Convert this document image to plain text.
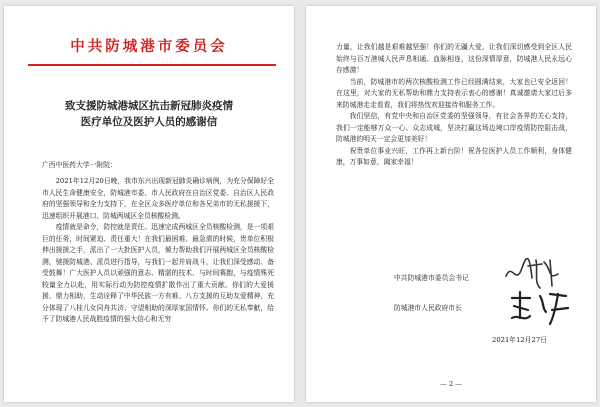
中共防城港市委员会
致支援防城港城区抗击新冠肺炎疫情
医疗单位及医护人员的感谢信
广西中医药大学一附院：

2021年12月20日晚，我市东兴出现新冠肺炎确诊病例，为充分保障好全市人民生命健康安全，防城港市委、市人民政府在自治区党委、自治区人民政府的坚强领导和全力支持下，在全区众多医疗单位和各兄弟市的无私援援下，迅速组织开展港口、防城两城区全员核酸检测。

疫情就是命令，防控就是责任。迅速完成两城区全员核酸检测，是一项艰巨的任务，时间紧迫、责任重大！在我们最困难、最急需的时候，贵单位积极伸出援援之手，派出了一大批医护人员，倾力帮助我们开展两城区全员核酸检测，驰援防城港、派员进行指导，与我们一起并肩战斗，让我们深受感动、备受鼓舞！广大医护人员以顽强的意志、精湛的技术、与时间赛跑，与疫情殊死较量全力以赴，用实际行动为防控疫情扩散作出了重大贡献。你们的大爱援援、鼎力相助，生动诠释了中华民族一方有难、八方支援的互助友爱精神，充分体现了八桂儿女同舟共济、守望相助的深厚家国情怀。你们的无私奉献，给予了防城港人民战胜疫情的强大信心和无穷

力量，让我们越是艰难越坚强！你们的无疆大爱，让我们深切感受到全区人民始终与百万港城人民声息相通、血脉相连，这份深情厚意，防城港人民永远心存感激！

当前，防城港市的两次核酸检测工作已经圆满结束，大家也已安全返回！在这里，对大家的无私帮助和鼎力支持表示衷心的感谢！真诚邀请大家过后多来防城港走走看看，我们将热忱欢迎接待和服务工作。

我们坚信，有党中央和自治区党委的坚强领导，有社会各界的关心支持，我们一定能够万众一心、众志成城，坚决打赢这场边境口岸疫情防控阻击战，防城港的明天一定会更加美好！

祝贵单位事业兴旺，工作再上新台阶！祝各位医护人员工作顺利，身体健康，万事如意，阖家幸福！

中共防城港市委员会书记
防城港市人民政府市长
2021年12月27日
— 2 —
